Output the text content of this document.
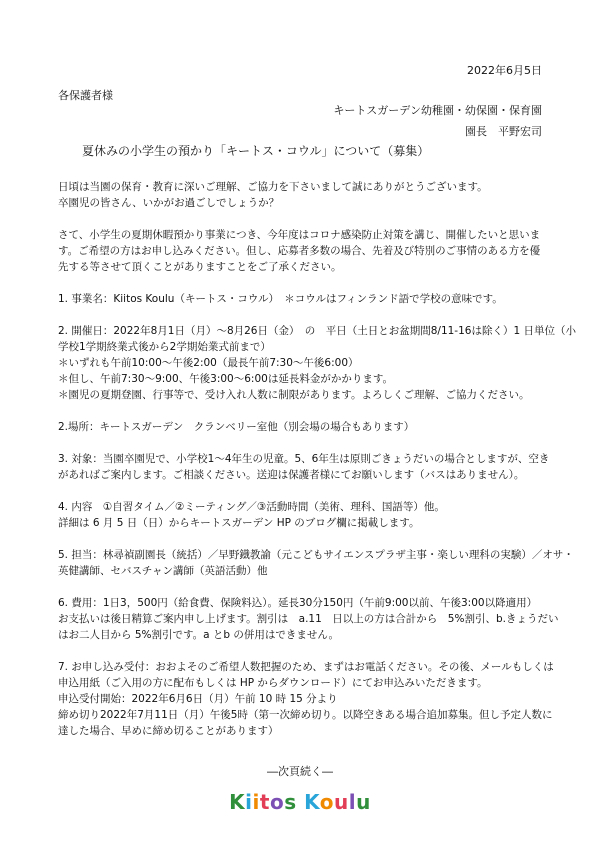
2022年6月5日
各保護者様
キートスガーデン幼稚園・幼保園・保育園
園長　平野宏司
夏休みの小学生の預かり「キートス・コウル」について（募集）
日頃は当園の保育・教育に深いご理解、ご協力を下さいまして誠にありがとうございます。
卒園児の皆さん、いかがお過ごしでしょうか？
さて、小学生の夏期休暇預かり事業につき、今年度はコロナ感染防止対策を講じ、開催したいと思いま
す。ご希望の方はお申し込みください。但し、応募者多数の場合、先着及び特別のご事情のある方を優
先する等させて頂くことがありますことをご了承ください。
1. 事業名：Kiitos Koulu（キートス・コウル）　＊コウルはフィンランド語で学校の意味です。
2. 開催日：2022年8月1日（月）～8月26日（金）　の　平日（土日とお盆期間8/11-16は除く）1 日単位（小
学校1学期終業式後から2学期始業式前まで）
＊いずれも午前10:00～午後2:00（最長午前7:30～午後6:00）
＊但し、午前7:30～9:00、午後3:00～6:00は延長料金がかかります。
＊園児の夏期登園、行事等で、受け入れ人数に制限があります。よろしくご理解、ご協力ください。
2.場所：キートスガーデン　クランベリー室他（別会場の場合もあります）
3. 対象：当園卒園児で、小学校1～4年生の児童。5、6年生は原則ごきょうだいの場合としますが、空き
があればご案内します。ご相談ください。送迎は保護者様にてお願いします（バスはありません）。
4. 内容　①自習タイム／②ミーティング／③活動時間（美術、理科、国語等）他。
詳細は 6 月 5 日（日）からキートスガーデン HP のブログ欄に掲載します。
5. 担当：林尋禎副園長（統括）／早野鐡教諭（元こどもサイエンスプラザ主事・楽しい理科の実験）／オサ・
英健講師、セバスチャン講師（英語活動）他
6. 費用：1日3，500円（給食費、保険料込）。延長30分150円（午前9:00以前、午後3:00以降適用）
お支払いは後日精算ご案内申し上げます。割引は　a.11　日以上の方は合計から　5%割引、b.きょうだい
はお二人目から 5%割引です。a とb の併用はできません。
7. お申し込み受付：おおよそのご希望人数把握のため、まずはお電話ください。その後、メールもしくは
申込用紙（ご入用の方に配布もしくは HP からダウンロード）にてお申込みいただきます。
申込受付開始：2022年6月6日（月）午前 10 時 15 分より
締め切り2022年7月11日（月）午後5時（第一次締め切り。以降空きある場合追加募集。但し予定人数に
達した場合、早めに締め切ることがあります）
―次頁続く―
Kiitos Koulu
